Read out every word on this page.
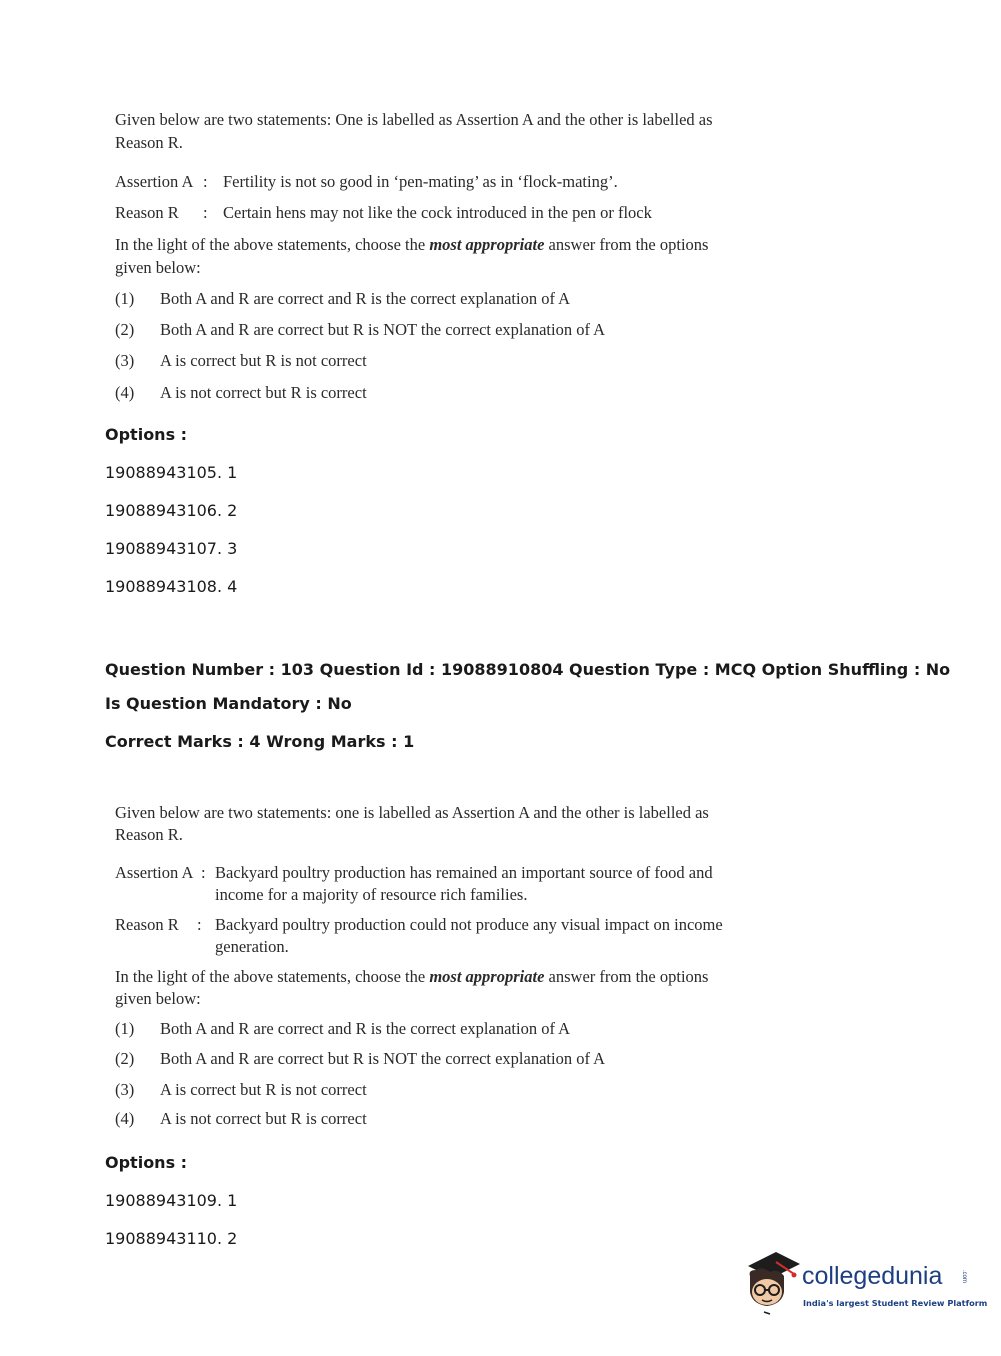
Given below are two statements: One is labelled as Assertion A and the other is labelled as
Reason R.
Assertion A : Fertility is not so good in ‘pen-mating’ as in ‘flock-mating’.
Reason R : Certain hens may not like the cock introduced in the pen or flock
In the light of the above statements, choose the most appropriate answer from the options
given below:
(1) Both A and R are correct and R is the correct explanation of A
(2) Both A and R are correct but R is NOT the correct explanation of A
(3) A is correct but R is not correct
(4) A is not correct but R is correct
Options :
19088943105. 1
19088943106. 2
19088943107. 3
19088943108. 4
Question Number : 103 Question Id : 19088910804 Question Type : MCQ Option Shuffling : No
Is Question Mandatory : No
Correct Marks : 4 Wrong Marks : 1
Given below are two statements: one is labelled as Assertion A and the other is labelled as
Reason R.
Assertion A : Backyard poultry production has remained an important source of food and
income for a majority of resource rich families.
Reason R : Backyard poultry production could not produce any visual impact on income
generation.
In the light of the above statements, choose the most appropriate answer from the options
given below:
(1) Both A and R are correct and R is the correct explanation of A
(2) Both A and R are correct but R is NOT the correct explanation of A
(3) A is correct but R is not correct
(4) A is not correct but R is correct
Options :
19088943109. 1
19088943110. 2
collegedunia	.com
India's largest Student Review Platform
